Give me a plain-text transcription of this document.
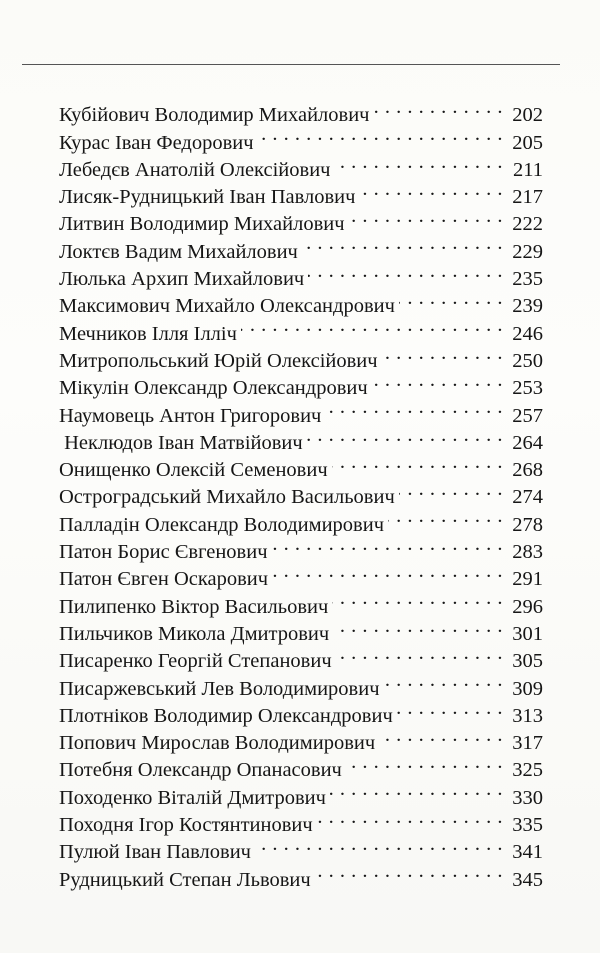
Кубійович Володимир Михайлович . . .	202
Курас Іван Федорович . . .	205
Лебедєв Анатолій Олексійович . . .	211
Лисяк-Рудницький Іван Павлович . . .	217
Литвин Володимир Михайлович . . .	222
Локтєв Вадим Михайлович . . .	229
Люлька Архип Михайлович . . .	235
Максимович Михайло Олександрович . . .	239
Мечников Ілля Ілліч . . .	246
Митропольський Юрій Олексійович . . .	250
Мікулін Олександр Олександрович . . .	253
Наумовець Антон Григорович . . .	257
Неклюдов Іван Матвійович . . .	264
Онищенко Олексій Семенович . . .	268
Остроградський Михайло Васильович . . .	274
Палладін Олександр Володимирович . . .	278
Патон Борис Євгенович . . .	283
Патон Євген Оскарович . . .	291
Пилипенко Віктор Васильович . . .	296
Пильчиков Микола Дмитрович . . .	301
Писаренко Георгій Степанович . . .	305
Писаржевський Лев Володимирович . . .	309
Плотніков Володимир Олександрович . . .	313
Попович Мирослав Володимирович . . .	317
Потебня Олександр Опанасович . . .	325
Походенко Віталій Дмитрович . . .	330
Походня Ігор Костянтинович . . .	335
Пулюй Іван Павлович . . .	341
Рудницький Степан Львович . . .	345
